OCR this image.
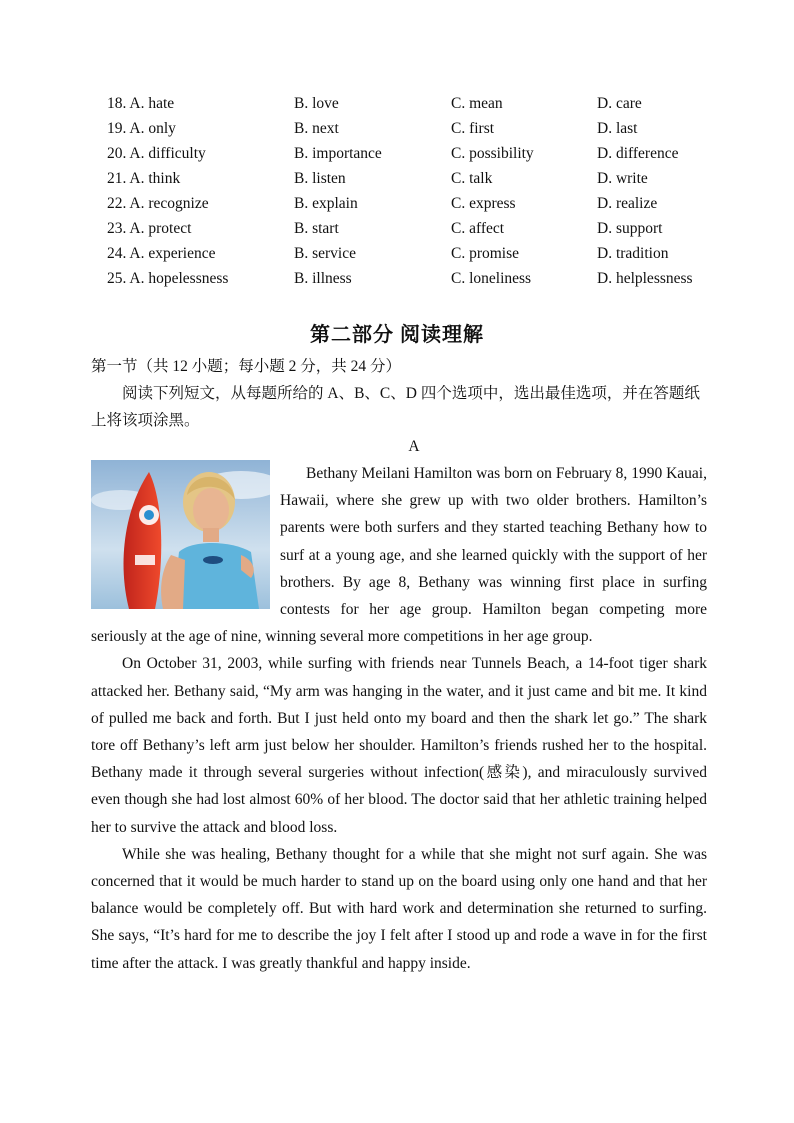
18. A. hate	B. love	C. mean	D. care
19. A. only	B. next	C. first	D. last
20. A. difficulty	B. importance	C. possibility	D. difference
21. A. think	B. listen	C. talk	D. write
22. A. recognize	B. explain	C. express	D. realize
23. A. protect	B. start	C. affect	D. support
24. A. experience	B. service	C. promise	D. tradition
25. A. hopelessness	B. illness	C. loneliness	D. helplessness
第二部分 阅读理解
第一节（共 12 小题；每小题 2 分，共 24 分）
阅读下列短文，从每题所给的 A、B、C、D 四个选项中，选出最佳选项，并在答题纸上将该项涂黑。
A

Bethany Meilani Hamilton was born on February 8, 1990 Kauai, Hawaii, where she grew up with two older brothers. Hamilton’s parents were both surfers and they started teaching Bethany how to surf at a young age, and she learned quickly with the support of her brothers. By age 8, Bethany was winning first place in surfing contests for her age group. Hamilton began competing more seriously at the age of nine, winning several more competitions in her age group.

On October 31, 2003, while surfing with friends near Tunnels Beach, a 14-foot tiger shark attacked her. Bethany said, “My arm was hanging in the water, and it just came and bit me. It kind of pulled me back and forth. But I just held onto my board and then the shark let go.” The shark tore off Bethany’s left arm just below her shoulder. Hamilton’s friends rushed her to the hospital. Bethany made it through several surgeries without infection(感染), and miraculously survived even though she had lost almost 60% of her blood. The doctor said that her athletic training helped her to survive the attack and blood loss.

While she was healing, Bethany thought for a while that she might not surf again. She was concerned that it would be much harder to stand up on the board using only one hand and that her balance would be completely off. But with hard work and determination she returned to surfing. She says, “It’s hard for me to describe the joy I felt after I stood up and rode a wave in for the first time after the attack. I was greatly thankful and happy inside.
